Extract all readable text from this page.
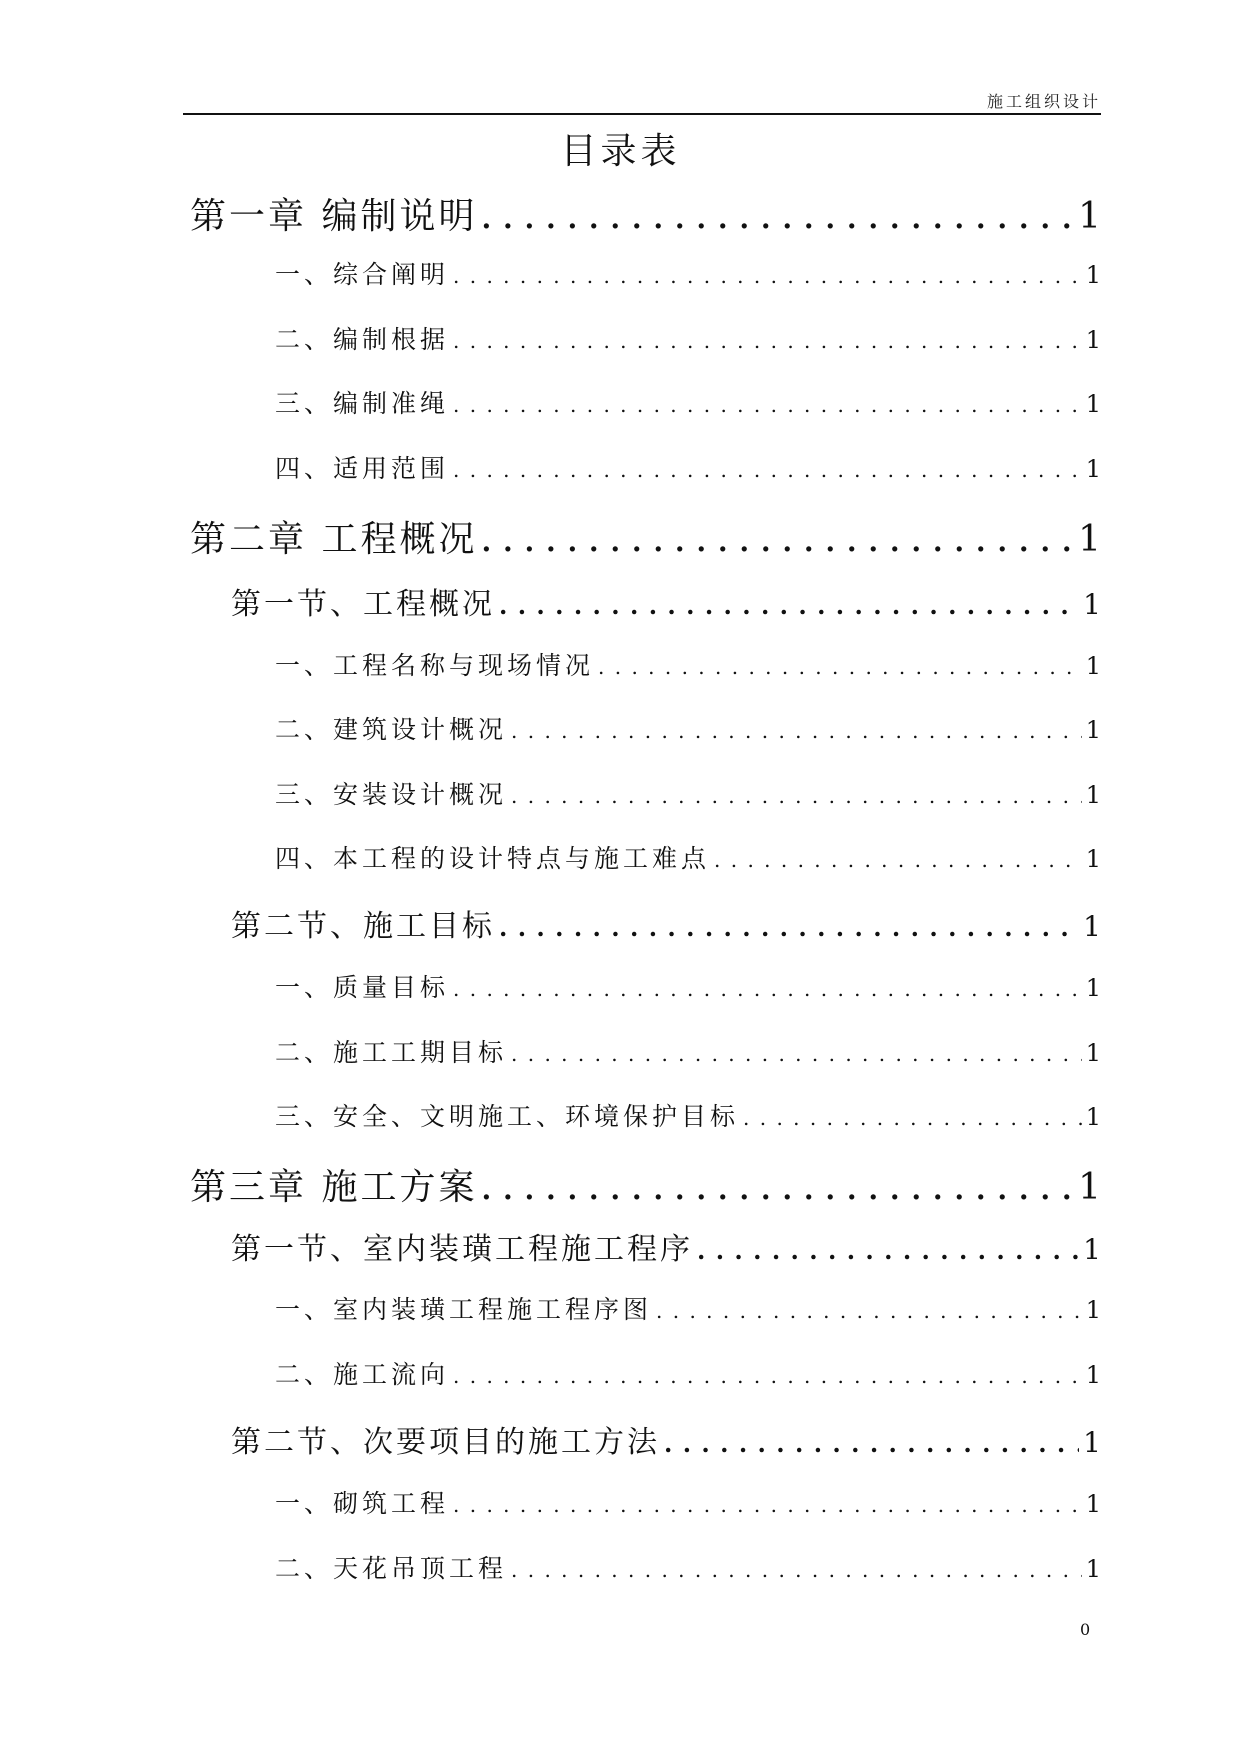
施工组织设计
目录表
第一章 编制说明 . . .	1
一、综合阐明 . . .	1
二、编制根据 . . .	1
三、编制准绳 . . .	1
四、适用范围 . . .	1
第二章 工程概况 . . .	1
第一节、工程概况 . . .	1
一、工程名称与现场情况 . . .	1
二、建筑设计概况 . . .	1
三、安装设计概况 . . .	1
四、本工程的设计特点与施工难点 . . .	1
第二节、施工目标 . . .	1
一、质量目标 . . .	1
二、施工工期目标 . . .	1
三、安全、文明施工、环境保护目标 . . .	1
第三章 施工方案 . . .	1
第一节、室内装璜工程施工程序 . . .	1
一、室内装璜工程施工程序图 . . .	1
二、施工流向 . . .	1
第二节、次要项目的施工方法 . . .	1
一、砌筑工程 . . .	1
二、天花吊顶工程 . . .	1
0
